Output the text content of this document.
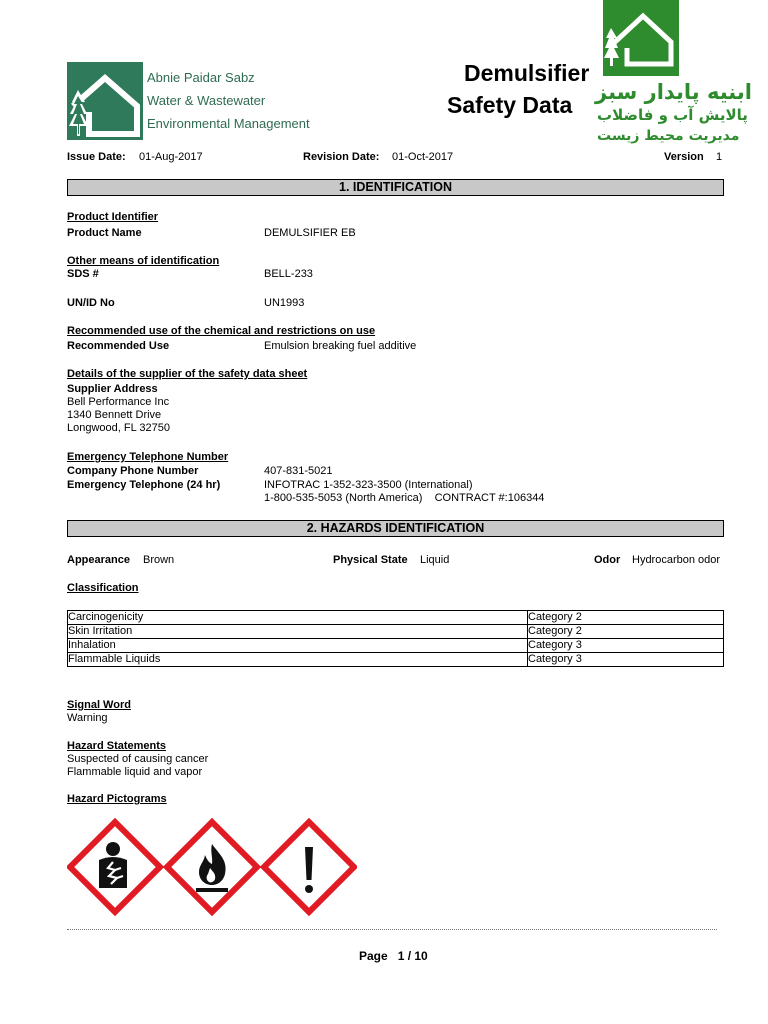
Abnie Paidar Sabz
Water & Wastewater
Environmental Management
Demulsifier
Safety Data ابنیه پایدار سبز
پالایش آب و فاضلاب
مدیریت محیط زیست
Issue Date: 01-Aug-2017	Revision Date: 01-Oct-2017	Version 1
1. IDENTIFICATION
Product Identifier
Product Name	DEMULSIFIER EB
Other means of identification
SDS #	BELL-233
UN/ID No	UN1993
Recommended use of the chemical and restrictions on use
Recommended Use	Emulsion breaking fuel additive
Details of the supplier of the safety data sheet
Supplier Address
Bell Performance Inc
1340 Bennett Drive
Longwood, FL 32750
Emergency Telephone Number
Company Phone Number	407-831-5021
Emergency Telephone (24 hr)	INFOTRAC 1-352-323-3500 (International)
1-800-535-5053 (North America)    CONTRACT #:106344
2. HAZARDS IDENTIFICATION
Appearance Brown	Physical State Liquid	Odor Hydrocarbon odor
Classification
Carcinogenicity	Category 2
Skin Irritation	Category 2
Inhalation	Category 3
Flammable Liquids	Category 3
Signal Word
Warning
Hazard Statements
Suspected of causing cancer
Flammable liquid and vapor
Hazard Pictograms
Page 1 / 10
